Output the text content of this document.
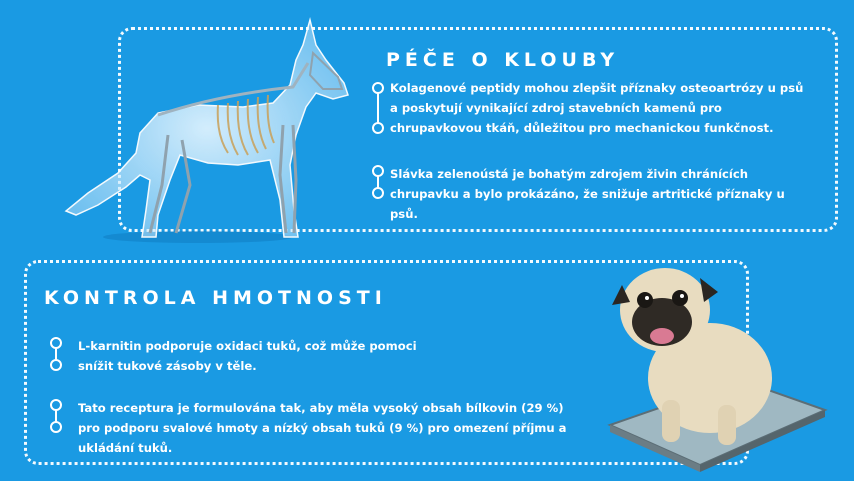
PÉČE O KLOUBY
Kolagenové peptidy mohou zlepšit příznaky osteoartrózy u psů a poskytují vynikající zdroj stavebních kamenů pro chrupavkovou tkáň, důležitou pro mechanickou funkčnost.
Slávka zelenoústá je bohatým zdrojem živin chránících chrupavku a bylo prokázáno, že snižuje artritické příznaky u psů.
KONTROLA HMOTNOSTI
L-karnitin podporuje oxidaci tuků, což může pomoci snížit tukové zásoby v těle.
Tato receptura je formulována tak, aby měla vysoký obsah bílkovin (29 %) pro podporu svalové hmoty a nízký obsah tuků (9 %) pro omezení příjmu a ukládání tuků.
